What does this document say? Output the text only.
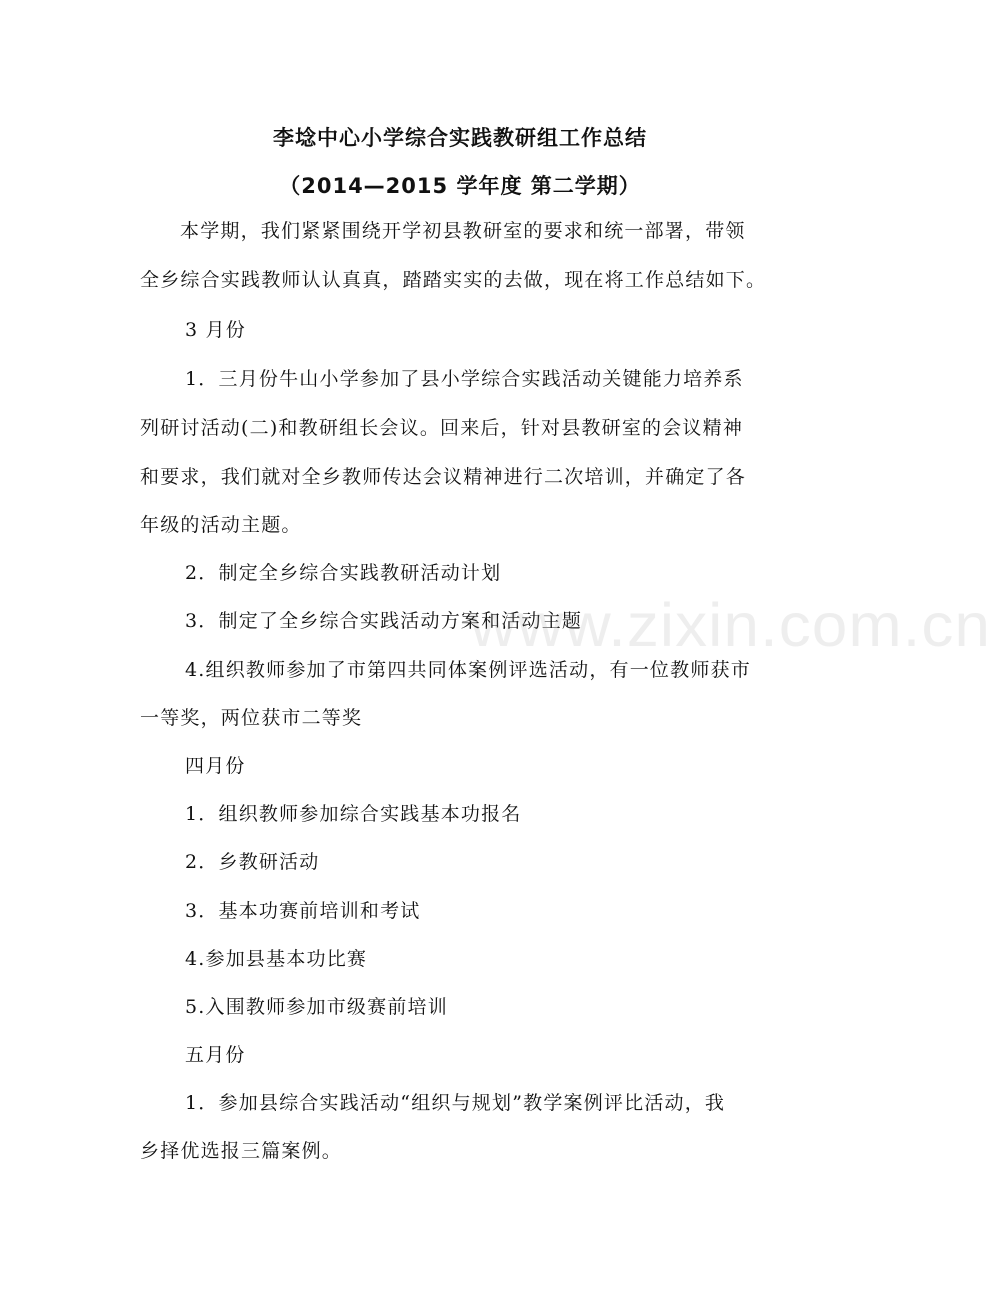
李埝中心小学综合实践教研组工作总结
（2014—2015 学年度 第二学期）
本学期，我们紧紧围绕开学初县教研室的要求和统一部署，带领
全乡综合实践教师认认真真，踏踏实实的去做，现在将工作总结如下。
3 月份
1．三月份牛山小学参加了县小学综合实践活动关键能力培养系
列研讨活动(二)和教研组长会议。回来后，针对县教研室的会议精神
和要求，我们就对全乡教师传达会议精神进行二次培训，并确定了各
年级的活动主题。
2．制定全乡综合实践教研活动计划
3．制定了全乡综合实践活动方案和活动主题
4.组织教师参加了市第四共同体案例评选活动，有一位教师获市
一等奖，两位获市二等奖
四月份
1．组织教师参加综合实践基本功报名
2．乡教研活动
3．基本功赛前培训和考试
4.参加县基本功比赛
5.入围教师参加市级赛前培训
五月份
1．参加县综合实践活动“组织与规划”教学案例评比活动，我
乡择优选报三篇案例。
www.zixin.com.cn
